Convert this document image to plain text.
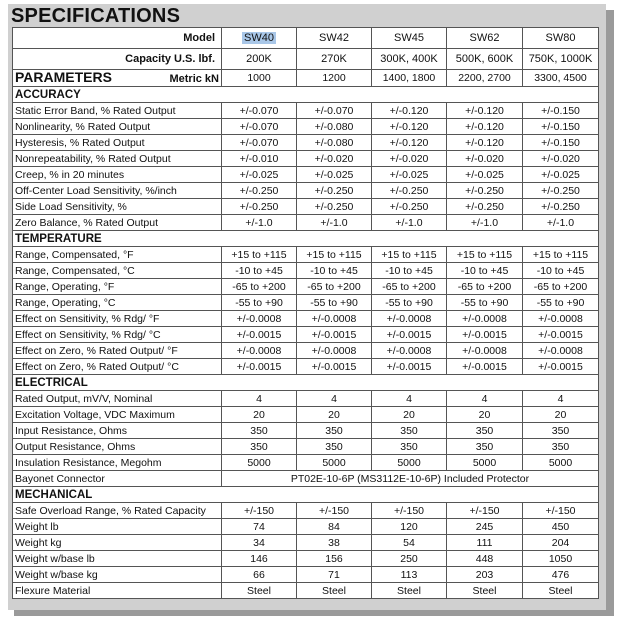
SPECIFICATIONS
Model	SW40	SW42	SW45	SW62	SW80
Capacity U.S. lbf.	200K	270K	300K, 400K	500K, 600K	750K, 1000K
PARAMETERS Metric kN	1000	1200	1400, 1800	2200, 2700	3300, 4500
ACCURACY					
Static Error Band, % Rated Output	+/-0.070	+/-0.070	+/-0.120	+/-0.120	+/-0.150
Nonlinearity, % Rated Output	+/-0.070	+/-0.080	+/-0.120	+/-0.120	+/-0.150
Hysteresis, % Rated Output	+/-0.070	+/-0.080	+/-0.120	+/-0.120	+/-0.150
Nonrepeatability, % Rated Output	+/-0.010	+/-0.020	+/-0.020	+/-0.020	+/-0.020
Creep, % in 20 minutes	+/-0.025	+/-0.025	+/-0.025	+/-0.025	+/-0.025
Off-Center Load Sensitivity, %/inch	+/-0.250	+/-0.250	+/-0.250	+/-0.250	+/-0.250
Side Load Sensitivity, %	+/-0.250	+/-0.250	+/-0.250	+/-0.250	+/-0.250
Zero Balance, % Rated Output	+/-1.0	+/-1.0	+/-1.0	+/-1.0	+/-1.0
TEMPERATURE					
Range, Compensated, °F	+15 to +115	+15 to +115	+15 to +115	+15 to +115	+15 to +115
Range, Compensated, °C	-10 to +45	-10 to +45	-10 to +45	-10 to +45	-10 to +45
Range, Operating, °F	-65 to +200	-65 to +200	-65 to +200	-65 to +200	-65 to +200
Range, Operating, °C	-55 to +90	-55 to +90	-55 to +90	-55 to +90	-55 to +90
Effect on Sensitivity, % Rdg/ °F	+/-0.0008	+/-0.0008	+/-0.0008	+/-0.0008	+/-0.0008
Effect on Sensitivity, % Rdg/ °C	+/-0.0015	+/-0.0015	+/-0.0015	+/-0.0015	+/-0.0015
Effect on Zero, % Rated Output/ °F	+/-0.0008	+/-0.0008	+/-0.0008	+/-0.0008	+/-0.0008
Effect on Zero, % Rated Output/ °C	+/-0.0015	+/-0.0015	+/-0.0015	+/-0.0015	+/-0.0015
ELECTRICAL					
Rated Output, mV/V, Nominal	4	4	4	4	4
Excitation Voltage, VDC Maximum	20	20	20	20	20
Input Resistance, Ohms	350	350	350	350	350
Output Resistance, Ohms	350	350	350	350	350
Insulation Resistance, Megohm	5000	5000	5000	5000	5000
Bayonet Connector	PT02E-10-6P (MS3112E-10-6P) Included Protector				
MECHANICAL					
Safe Overload Range, % Rated Capacity	+/-150	+/-150	+/-150	+/-150	+/-150
Weight lb	74	84	120	245	450
Weight kg	34	38	54	111	204
Weight w/base lb	146	156	250	448	1050
Weight w/base kg	66	71	113	203	476
Flexure Material	Steel	Steel	Steel	Steel	Steel
